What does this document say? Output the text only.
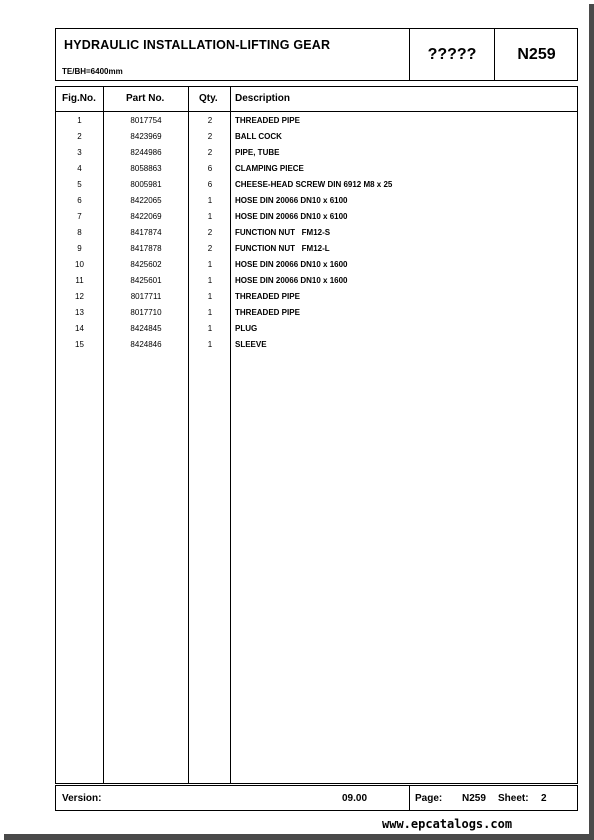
HYDRAULIC INSTALLATION-LIFTING GEAR
TE/BH=6400mm
?????	N259
Fig.No.	Part No.	Qty. Description
1	8017754	2	THREADED PIPE
2	8423969	2	BALL COCK
3	8244986	2	PIPE, TUBE
4	8058863	6	CLAMPING PIECE
5	8005981	6	CHEESE-HEAD SCREW DIN 6912 M8 x 25
6	8422065	1	HOSE DIN 20066 DN10 x 6100
7	8422069	1	HOSE DIN 20066 DN10 x 6100
8	8417874	2	FUNCTION NUT   FM12-S
9	8417878	2	FUNCTION NUT   FM12-L
10	8425602	1	HOSE DIN 20066 DN10 x 1600
11	8425601	1	HOSE DIN 20066 DN10 x 1600
12	8017711	1	THREADED PIPE
13	8017710	1	THREADED PIPE
14	8424845	1	PLUG
15	8424846	1	SLEEVE
Version:	09.00	Page: N259 Sheet: 2
www.epcatalogs.com
